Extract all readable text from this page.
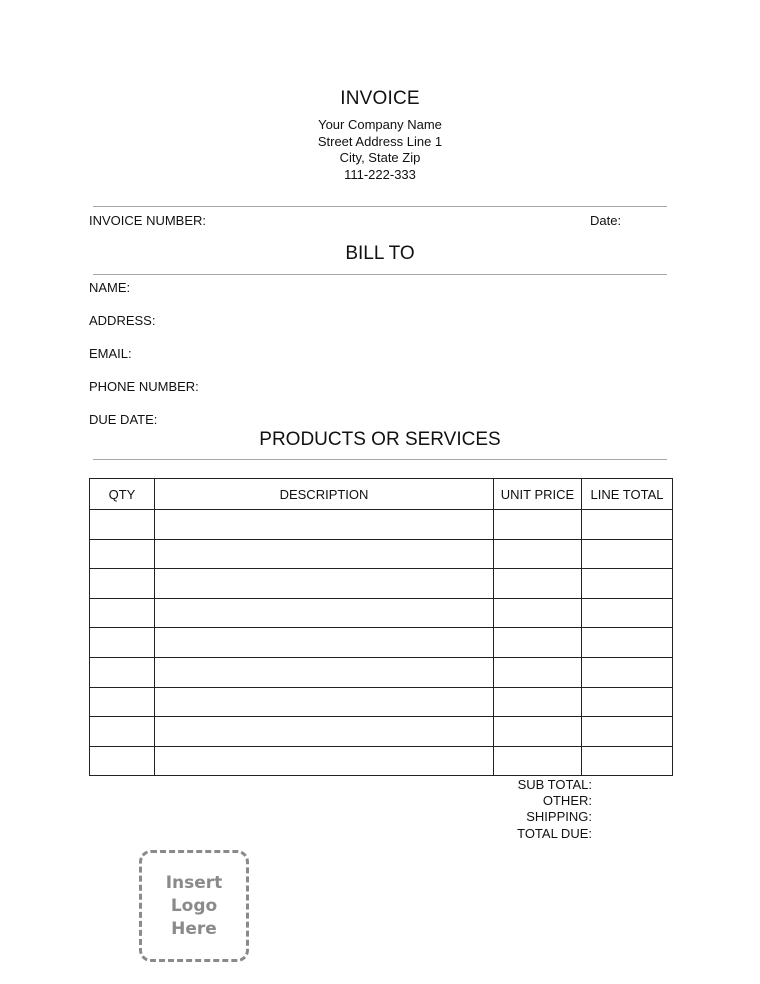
INVOICE
Your Company Name
Street Address Line 1
City, State Zip
111-222-333
INVOICE NUMBER:	Date:
BILL TO
NAME:
ADDRESS:
EMAIL:
PHONE NUMBER:
DUE DATE:
PRODUCTS OR SERVICES
QTY	DESCRIPTION	UNIT PRICE	LINE TOTAL

SUB TOTAL:
OTHER:
SHIPPING:
TOTAL DUE:
Insert
Logo
Here
